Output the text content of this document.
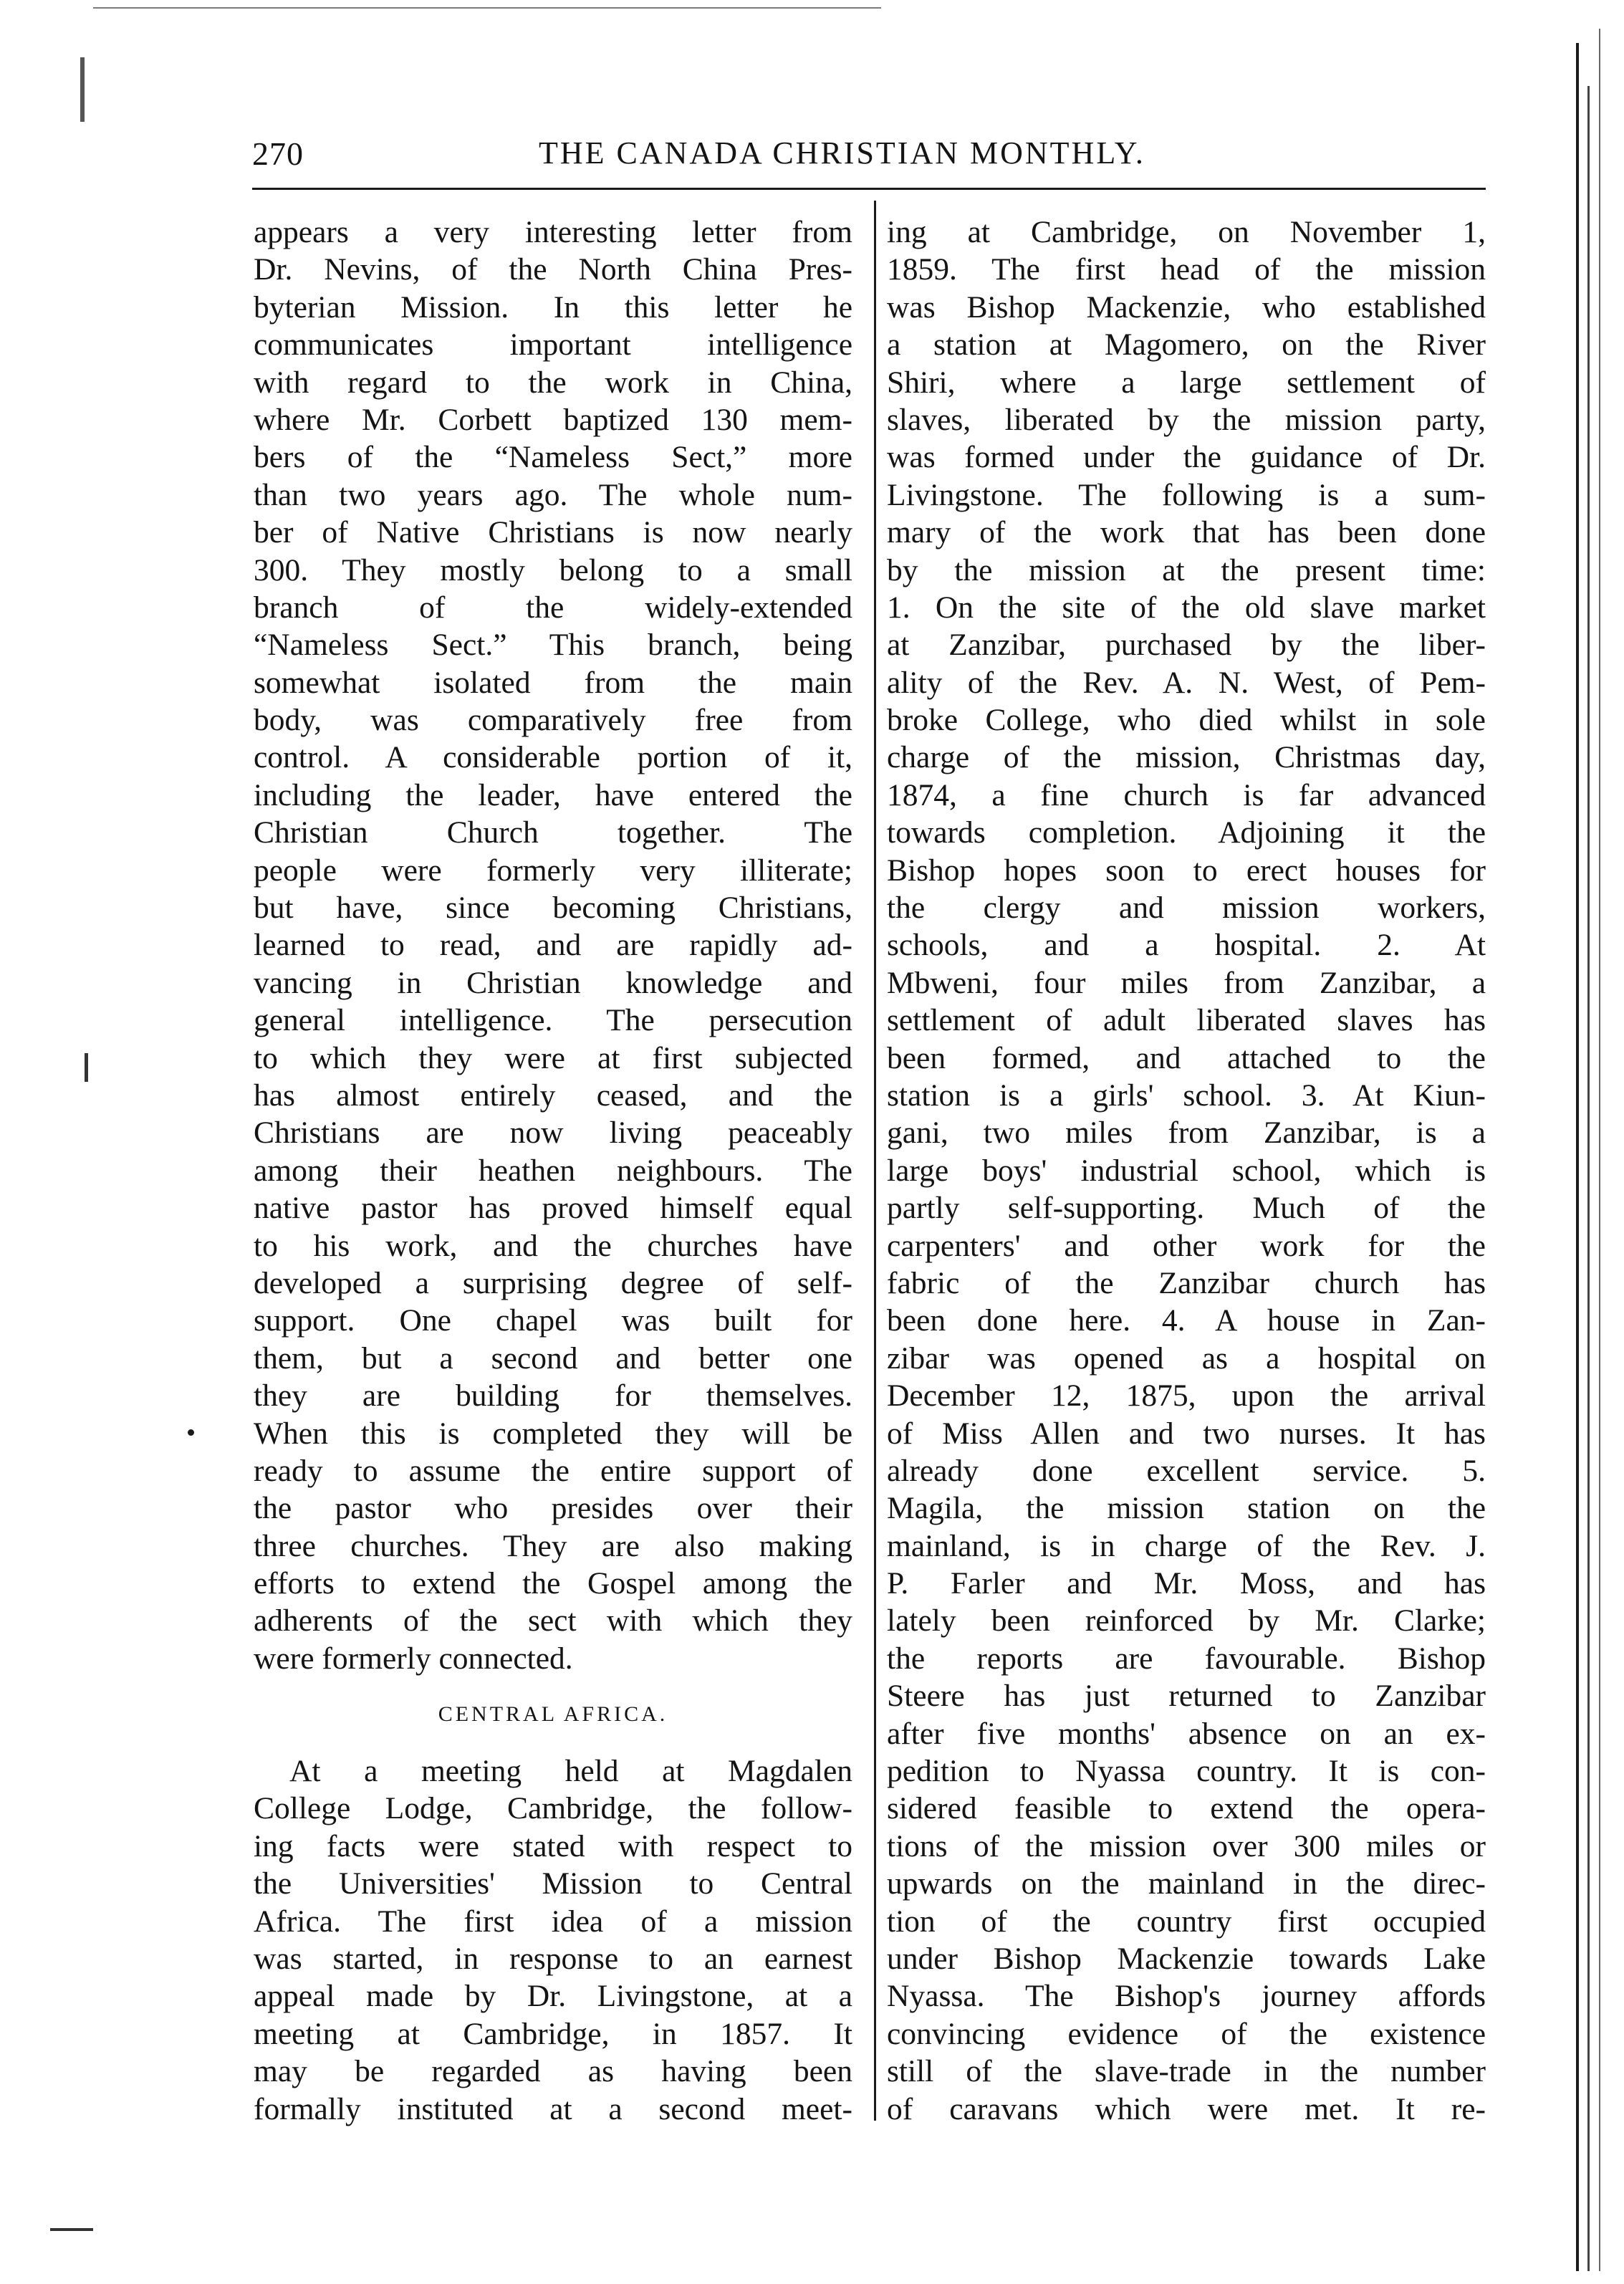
270	THE CANADA CHRISTIAN MONTHLY.
appears a very interesting letter from
Dr. Nevins, of the North China Pres-
byterian Mission. In this letter he
communicates important intelligence
with regard to the work in China,
where Mr. Corbett baptized 130 mem-
bers of the “Nameless Sect,” more
than two years ago. The whole num-
ber of Native Christians is now nearly
300. They mostly belong to a small
branch of the widely-extended
“Nameless Sect.” This branch, being
somewhat isolated from the main
body, was comparatively free from
control. A considerable portion of it,
including the leader, have entered the
Christian Church together. The
people were formerly very illiterate;
but have, since becoming Christians,
learned to read, and are rapidly ad-
vancing in Christian knowledge and
general intelligence. The persecution
to which they were at first subjected
has almost entirely ceased, and the
Christians are now living peaceably
among their heathen neighbours. The
native pastor has proved himself equal
to his work, and the churches have
developed a surprising degree of self-
support. One chapel was built for
them, but a second and better one
they are building for themselves.
When this is completed they will be
ready to assume the entire support of
the pastor who presides over their
three churches. They are also making
efforts to extend the Gospel among the
adherents of the sect with which they
were formerly connected.
CENTRAL AFRICA.
At a meeting held at Magdalen
College Lodge, Cambridge, the follow-
ing facts were stated with respect to
the Universities' Mission to Central
Africa. The first idea of a mission
was started, in response to an earnest
appeal made by Dr. Livingstone, at a
meeting at Cambridge, in 1857. It
may be regarded as having been
formally instituted at a second meet-
ing at Cambridge, on November 1,
1859. The first head of the mission
was Bishop Mackenzie, who established
a station at Magomero, on the River
Shiri, where a large settlement of
slaves, liberated by the mission party,
was formed under the guidance of Dr.
Livingstone. The following is a sum-
mary of the work that has been done
by the mission at the present time:
1. On the site of the old slave market
at Zanzibar, purchased by the liber-
ality of the Rev. A. N. West, of Pem-
broke College, who died whilst in sole
charge of the mission, Christmas day,
1874, a fine church is far advanced
towards completion. Adjoining it the
Bishop hopes soon to erect houses for
the clergy and mission workers,
schools, and a hospital. 2. At
Mbweni, four miles from Zanzibar, a
settlement of adult liberated slaves has
been formed, and attached to the
station is a girls' school. 3. At Kiun-
gani, two miles from Zanzibar, is a
large boys' industrial school, which is
partly self-supporting. Much of the
carpenters' and other work for the
fabric of the Zanzibar church has
been done here. 4. A house in Zan-
zibar was opened as a hospital on
December 12, 1875, upon the arrival
of Miss Allen and two nurses. It has
already done excellent service. 5.
Magila, the mission station on the
mainland, is in charge of the Rev. J.
P. Farler and Mr. Moss, and has
lately been reinforced by Mr. Clarke;
the reports are favourable. Bishop
Steere has just returned to Zanzibar
after five months' absence on an ex-
pedition to Nyassa country. It is con-
sidered feasible to extend the opera-
tions of the mission over 300 miles or
upwards on the mainland in the direc-
tion of the country first occupied
under Bishop Mackenzie towards Lake
Nyassa. The Bishop's journey affords
convincing evidence of the existence
still of the slave-trade in the number
of caravans which were met. It re-
